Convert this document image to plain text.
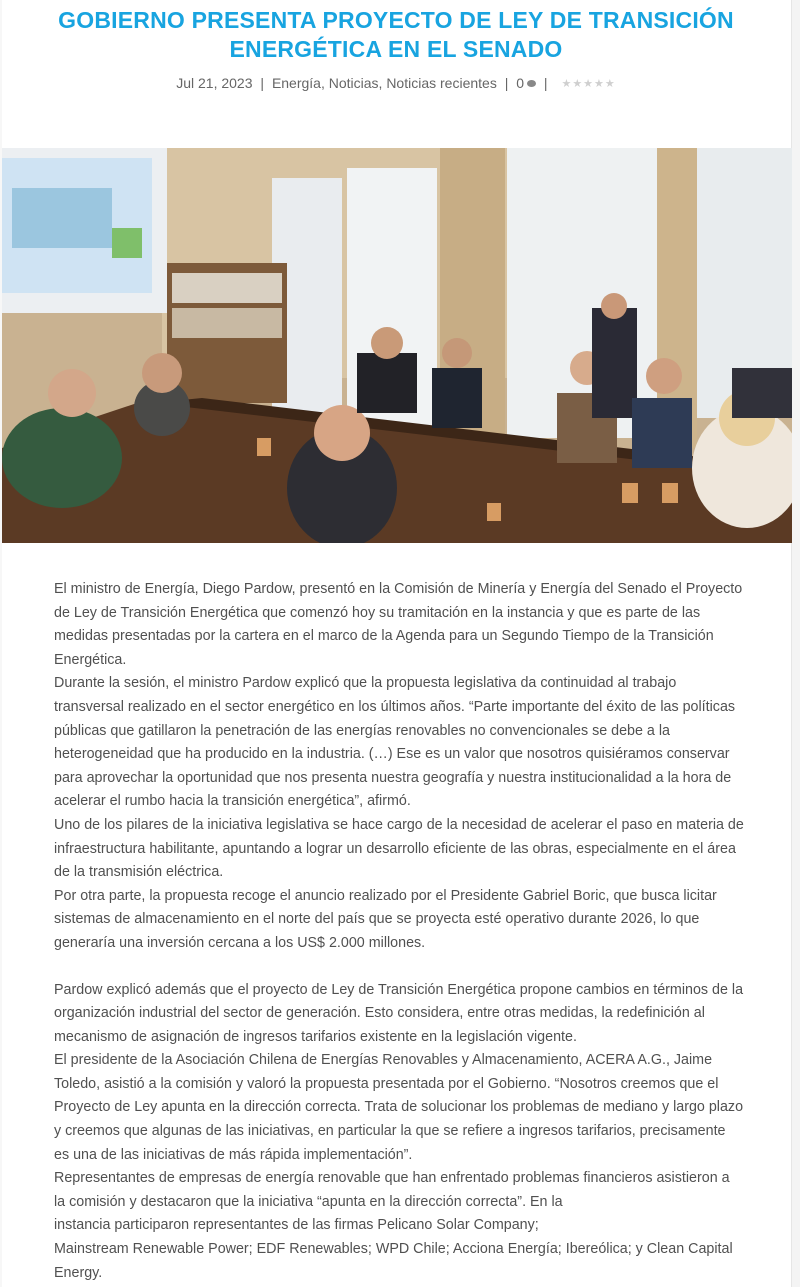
GOBIERNO PRESENTA PROYECTO DE LEY DE TRANSICIÓN ENERGÉTICA EN EL SENADO
Jul 21, 2023 | Energía, Noticias, Noticias recientes | 0 | ★★★★★

El ministro de Energía, Diego Pardow, presentó en la Comisión de Minería y Energía del Senado el Proyecto de Ley de Transición Energética que comenzó hoy su tramitación en la instancia y que es parte de las medidas presentadas por la cartera en el marco de la Agenda para un Segundo Tiempo de la Transición Energética.

Durante la sesión, el ministro Pardow explicó que la propuesta legislativa da continuidad al trabajo transversal realizado en el sector energético en los últimos años. “Parte importante del éxito de las políticas públicas que gatillaron la penetración de las energías renovables no convencionales se debe a la heterogeneidad que ha producido en la industria. (…) Ese es un valor que nosotros quisiéramos conservar para aprovechar la oportunidad que nos presenta nuestra geografía y nuestra institucionalidad a la hora de acelerar el rumbo hacia la transición energética”, afirmó.

Uno de los pilares de la iniciativa legislativa se hace cargo de la necesidad de acelerar el paso en materia de infraestructura habilitante, apuntando a lograr un desarrollo eficiente de las obras, especialmente en el área de la transmisión eléctrica.

Por otra parte, la propuesta recoge el anuncio realizado por el Presidente Gabriel Boric, que busca licitar sistemas de almacenamiento en el norte del país que se proyecta esté operativo durante 2026, lo que generaría una inversión cercana a los US$ 2.000 millones.

Pardow explicó además que el proyecto de Ley de Transición Energética propone cambios en términos de la organización industrial del sector de generación. Esto considera, entre otras medidas, la redefinición al mecanismo de asignación de ingresos tarifarios existente en la legislación vigente.

El presidente de la Asociación Chilena de Energías Renovables y Almacenamiento, ACERA A.G., Jaime Toledo, asistió a la comisión y valoró la propuesta presentada por el Gobierno. “Nosotros creemos que el Proyecto de Ley apunta en la dirección correcta. Trata de solucionar los problemas de mediano y largo plazo y creemos que algunas de las iniciativas, en particular la que se refiere a ingresos tarifarios, precisamente es una de las iniciativas de más rápida implementación”.

Representantes de empresas de energía renovable que han enfrentado problemas financieros asistieron a la comisión y destacaron que la iniciativa “apunta en la dirección correcta”. En la

instancia participaron representantes de las firmas Pelicano Solar Company;

Mainstream Renewable Power; EDF Renewables; WPD Chile; Acciona Energía; Ibereólica; y Clean Capital Energy.
